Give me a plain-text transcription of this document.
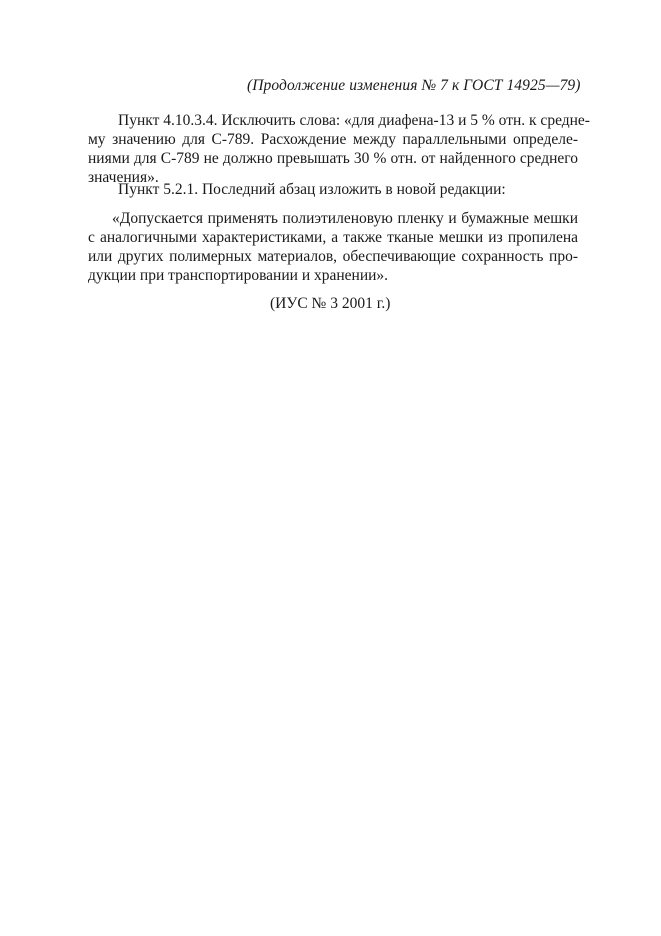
(Продолжение изменения № 7 к ГОСТ 14925—79)
Пункт 4.10.3.4. Исключить слова: «для диафена-13 и 5 % отн. к средне-
му значению для С-789. Расхождение между параллельными определе-
ниями для С-789 не должно превышать 30 % отн. от найденного среднего
значения».
Пункт 5.2.1. Последний абзац изложить в новой редакции:
«Допускается применять полиэтиленовую пленку и бумажные мешки
с аналогичными характеристиками, а также тканые мешки из пропилена
или других полимерных материалов, обеспечивающие сохранность про-
дукции при транспортировании и хранении».
(ИУС № 3 2001 г.)
